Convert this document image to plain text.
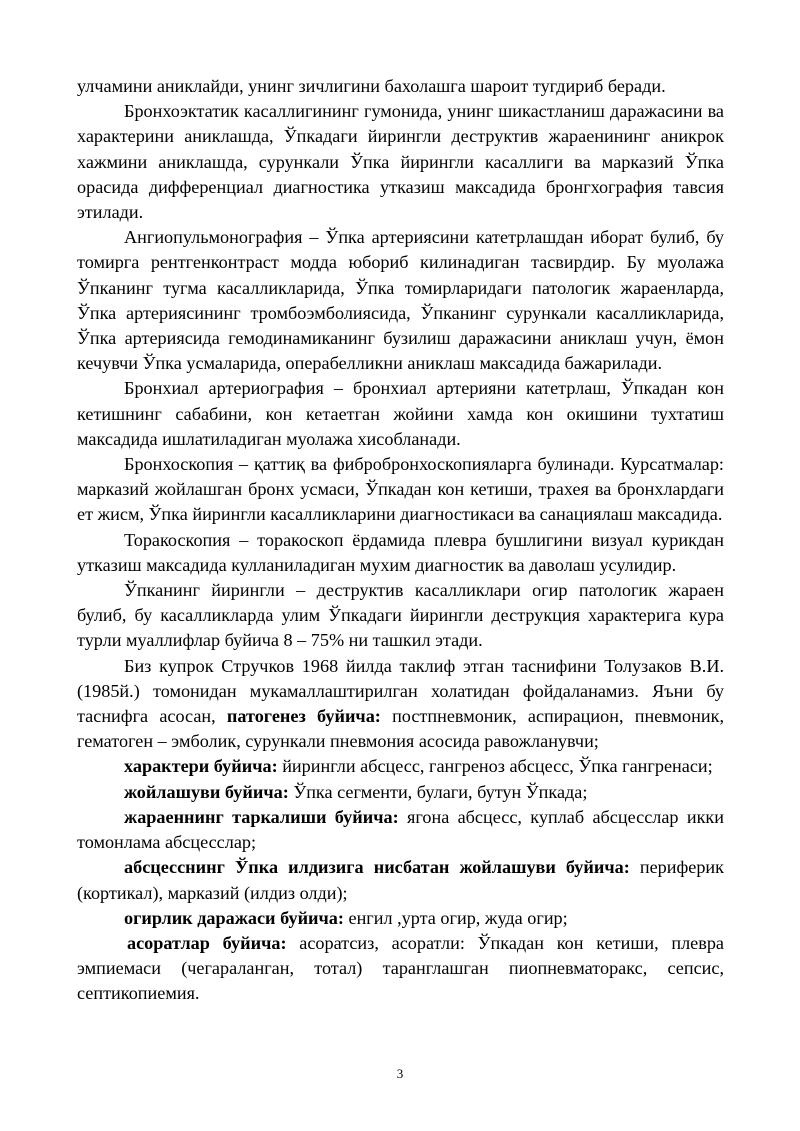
улчамини аниклайди, унинг зичлигини бахолашга шароит тугдириб беради.

Бронхоэктатик касаллигининг гумонида, унинг шикастланиш даражасини ва характерини аниклашда, Ўпкадаги йирингли деструктив жараенининг аникрок хажмини аниклашда, сурункали Ўпка йирингли касаллиги ва марказий Ўпка орасида дифференциал диагностика утказиш максадида бронгхография тавсия этилади.

Ангиопульмонография – Ўпка артериясини катетрлашдан иборат булиб, бу томирга рентгенконтраст модда юбориб килинадиган тасвирдир. Бу муолажа Ўпканинг тугма касалликларида, Ўпка томирларидаги патологик жараенларда, Ўпка артериясининг тромбоэмболиясида, Ўпканинг сурункали касалликларида, Ўпка артериясида гемодинамиканинг бузилиш даражасини аниклаш учун, ёмон кечувчи Ўпка усмаларида, операбелликни аниклаш максадида бажарилади.

Бронхиал артериография – бронхиал артерияни катетрлаш, Ўпкадан кон кетишнинг сабабини, кон кетаетган жойини хамда кон окишини тухтатиш максадида ишлатиладиган муолажа хисобланади.

Бронхоскопия – қаттиқ ва фибробронхоскопияларга булинади. Курсатмалар: марказий жойлашган бронх усмаси, Ўпкадан кон кетиши, трахея ва бронхлардаги ет жисм, Ўпка йирингли касалликларини диагностикаси ва санациялаш максадида.

Торакоскопия – торакоскоп ёрдамида плевра бушлигини визуал курикдан утказиш максадида кулланиладиган мухим диагностик ва даволаш усулидир.

Ўпканинг йирингли – деструктив касалликлари огир патологик жараен булиб, бу касалликларда улим Ўпкадаги йирингли деструкция характерига кура турли муаллифлар буйича 8 – 75% ни ташкил этади.

Биз купрок Стручков 1968 йилда таклиф этган таснифини Толузаков В.И. (1985й.) томонидан мукамаллаштирилган холатидан фойдаланамиз. Яъни бу таснифга асосан, патогенез буйича: постпневмоник, аспирацион, пневмоник, гематоген – эмболик, сурункали пневмония асосида равожланувчи;

характери буйича: йирингли абсцесс, гангреноз абсцесс, Ўпка гангренаси;

жойлашуви буйича: Ўпка сегменти, булаги, бутун Ўпкада;

жараеннинг таркалиши буйича: ягона абсцесс, куплаб абсцесслар икки томонлама абсцесслар;

абсцесснинг Ўпка илдизига нисбатан жойлашуви буйича: периферик (кортикал), марказий (илдиз олди);

огирлик даражаси буйича: енгил ,урта огир, жуда огир;

асоратлар буйича: асоратсиз, асоратли: Ўпкадан кон кетиши, плевра эмпиемаси (чегараланган, тотал) таранглашган пиопневматоракс, сепсис, септикопиемия.

3
